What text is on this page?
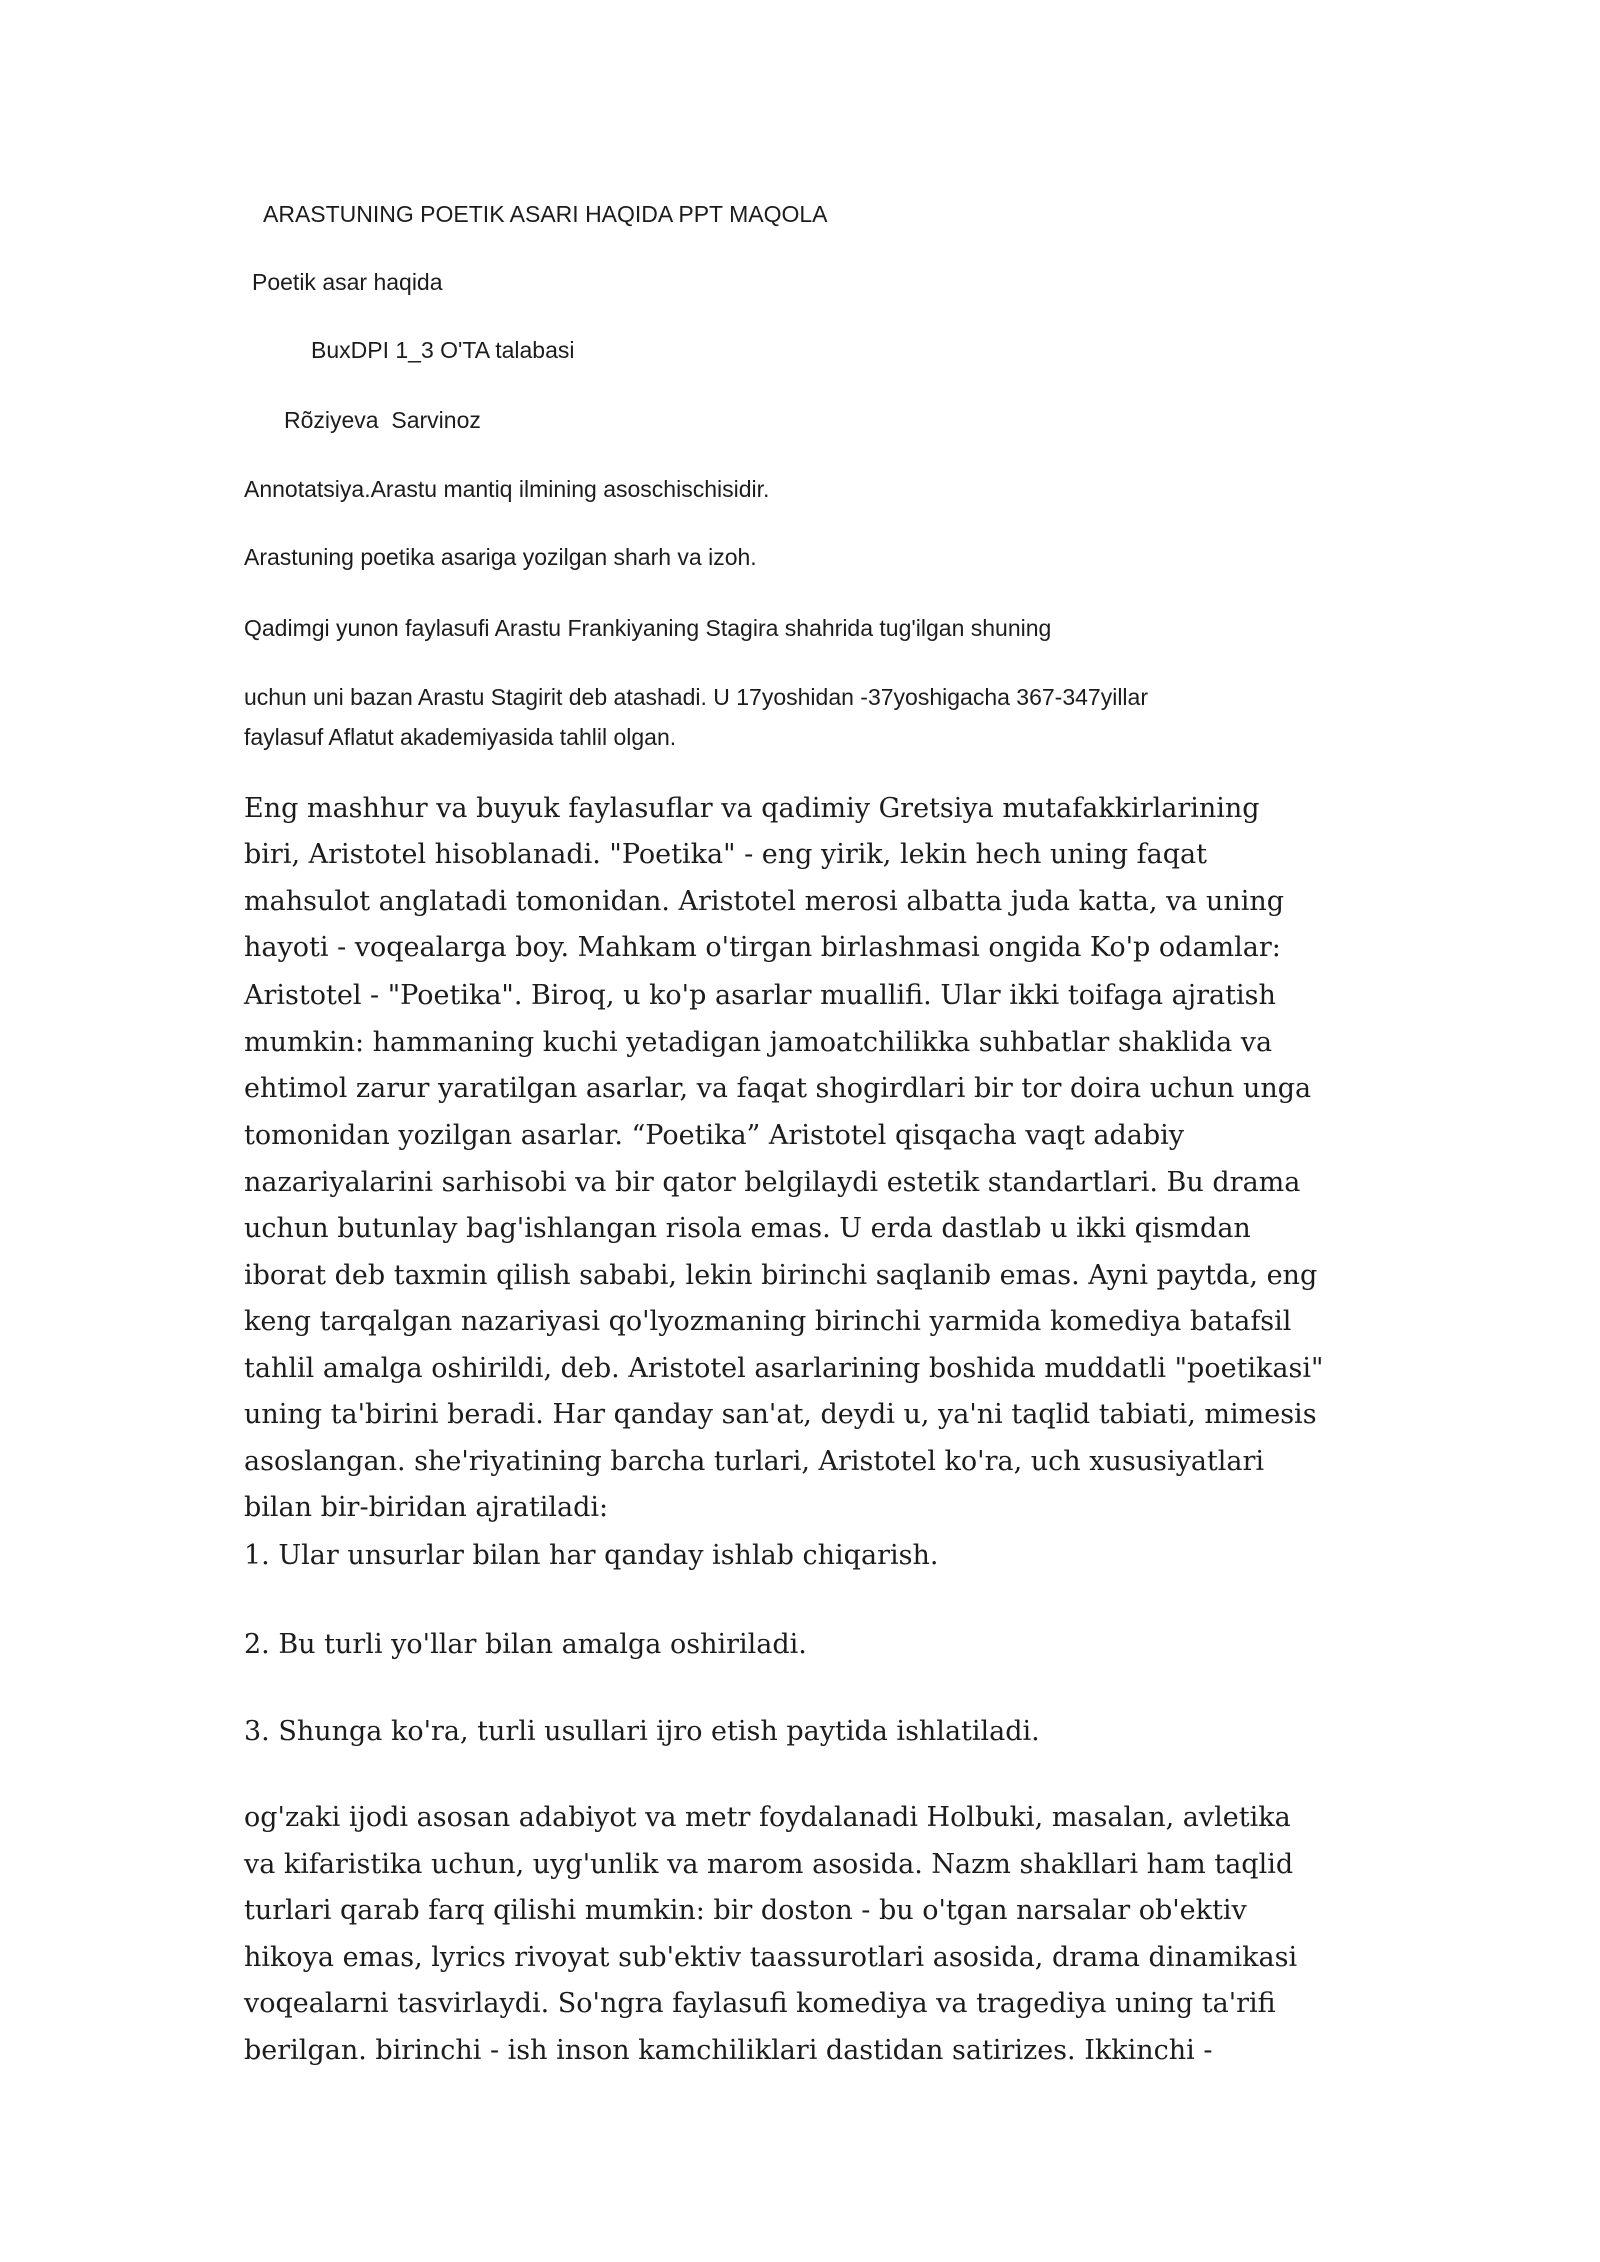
ARASTUNING POETIK ASARI HAQIDA PPT MAQOLA
Poetik asar haqida
BuxDPI 1_3 O'TA talabasi
Rõziyeva  Sarvinoz
Annotatsiya.Arastu mantiq ilmining asoschischisidir.
Arastuning poetika asariga yozilgan sharh va izoh.
Qadimgi yunon faylasufi Arastu Frankiyaning Stagira shahrida tug'ilgan shuning
uchun uni bazan Arastu Stagirit deb atashadi. U 17yoshidan -37yoshigacha 367-347yillar
faylasuf Aflatut akademiyasida tahlil olgan.
Eng mashhur va buyuk faylasuflar va qadimiy Gretsiya mutafakkirlarining
biri, Aristotel hisoblanadi. "Poetika" - eng yirik, lekin hech uning faqat
mahsulot anglatadi tomonidan. Aristotel merosi albatta juda katta, va uning
hayoti - voqealarga boy. Mahkam o'tirgan birlashmasi ongida Ko'p odamlar:
Aristotel - "Poetika". Biroq, u ko'p asarlar muallifi. Ular ikki toifaga ajratish
mumkin: hammaning kuchi yetadigan jamoatchilikka suhbatlar shaklida va
ehtimol zarur yaratilgan asarlar, va faqat shogirdlari bir tor doira uchun unga
tomonidan yozilgan asarlar. “Poetika” Aristotel qisqacha vaqt adabiy
nazariyalarini sarhisobi va bir qator belgilaydi estetik standartlari. Bu drama
uchun butunlay bag'ishlangan risola emas. U erda dastlab u ikki qismdan
iborat deb taxmin qilish sababi, lekin birinchi saqlanib emas. Ayni paytda, eng
keng tarqalgan nazariyasi qo'lyozmaning birinchi yarmida komediya batafsil
tahlil amalga oshirildi, deb. Aristotel asarlarining boshida muddatli "poetikasi"
uning ta'birini beradi. Har qanday san'at, deydi u, ya'ni taqlid tabiati, mimesis
asoslangan. she'riyatining barcha turlari, Aristotel ko'ra, uch xususiyatlari
bilan bir-biridan ajratiladi:
1. Ular unsurlar bilan har qanday ishlab chiqarish.
2. Bu turli yo'llar bilan amalga oshiriladi.
3. Shunga ko'ra, turli usullari ijro etish paytida ishlatiladi.
og'zaki ijodi asosan adabiyot va metr foydalanadi Holbuki, masalan, avletika
va kifaristika uchun, uyg'unlik va marom asosida. Nazm shakllari ham taqlid
turlari qarab farq qilishi mumkin: bir doston - bu o'tgan narsalar ob'ektiv
hikoya emas, lyrics rivoyat sub'ektiv taassurotlari asosida, drama dinamikasi
voqealarni tasvirlaydi. So'ngra faylasufi komediya va tragediya uning ta'rifi
berilgan. birinchi - ish inson kamchiliklari dastidan satirizes. Ikkinchi -
